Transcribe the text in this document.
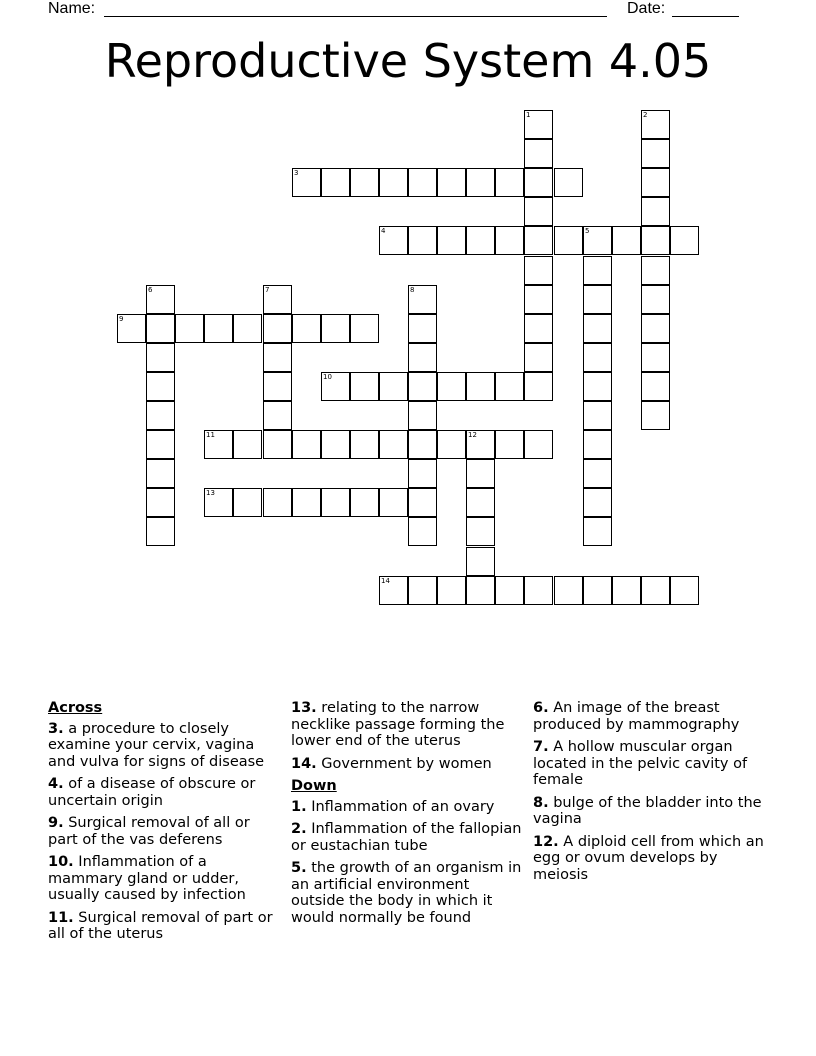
Name:	Date:
Reproductive System 4.05
1	2
3
4	5
6	7	8
9
10
11	12
13
14
Across
3. a procedure to closely examine your cervix, vagina and vulva for signs of disease
4. of a disease of obscure or uncertain origin
9. Surgical removal of all or part of the vas deferens
10. Inflammation of a mammary gland or udder, usually caused by infection
11. Surgical removal of part or all of the uterus
13. relating to the narrow necklike passage forming the lower end of the uterus
14. Government by women
Down
1. Inflammation of an ovary
2. Inflammation of the fallopian or eustachian tube
5. the growth of an organism in an artificial environment outside the body in which it would normally be found
6. An image of the breast produced by mammography
7. A hollow muscular organ located in the pelvic cavity of female
8. bulge of the bladder into the vagina
12. A diploid cell from which an egg or ovum develops by meiosis
